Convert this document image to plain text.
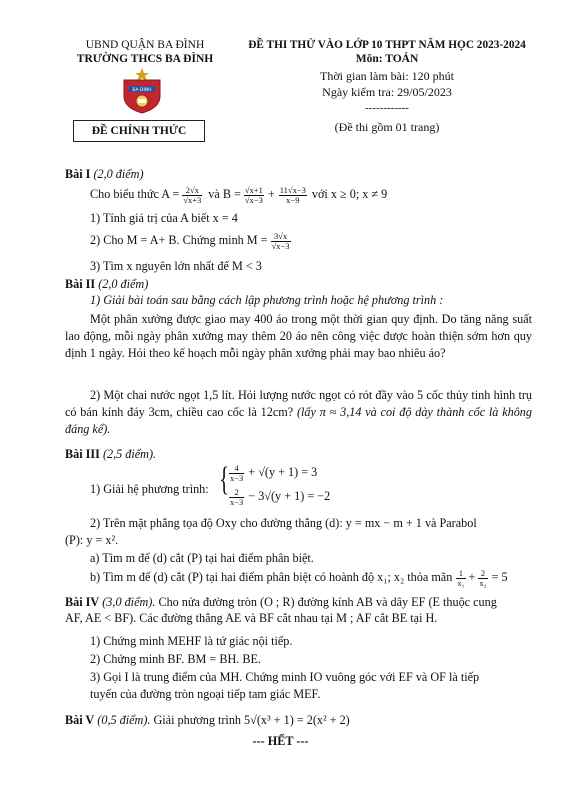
UBND QUẬN BA ĐÌNH
TRƯỜNG THCS BA ĐÌNH
BA ĐÌNH
ĐỀ CHÍNH THỨC
ĐỀ THI THỬ VÀO LỚP 10 THPT NĂM HỌC 2023-2024
Môn: TOÁN
Thời gian làm bài: 120 phút
Ngày kiểm tra: 29/05/2023
------------
(Đề thi gồm 01 trang)
Bài I (2,0 điểm)
Cho biểu thức $A = \frac{2√x}{√x+3}$ và $B = \frac{√x+1}{√x-3} + \frac{11√x-3}{x-9}$ với x ≥ 0; x ≠ 9
1) Tính giá trị của A biết x = 4
2) Cho M = A+ B. Chứng minh $M = \frac{3√x}{√x-3}$
3) Tìm x nguyên lớn nhất để M < 3
Bài II (2,0 điểm)
1) Giải bài toán sau bằng cách lập phương trình hoặc hệ phương trình :
Một phân xưởng được giao may 400 áo trong một thời gian quy định. Do tăng năng suất lao động, mỗi ngày phân xưởng may thêm 20 áo nên công việc được hoàn thiện sớm hơn quy định 1 ngày. Hỏi theo kế hoạch mỗi ngày phân xưởng phải may bao nhiêu áo?
2) Một chai nước ngọt 1,5 lít. Hỏi lượng nước ngọt có rót đầy vào 5 cốc thủy tinh hình trụ có bán kính đáy 3cm, chiều cao cốc là 12cm? (lấy π ≈ 3,14 và coi độ dày thành cốc là không đáng kể).
Bài III (2,5 điểm).
1) Giải hệ phương trình: { $\frac{4}{x-3} + √(y + 1) = 3$
$\frac{2}{x-3} - 3√(y + 1) = -2$
2) Trên mặt phẳng tọa độ Oxy cho đường thẳng (d): y = mx − m + 1 và Parabol
(P): y = x².
a) Tìm m để (d) cắt (P) tại hai điểm phân biệt.
b) Tìm m để (d) cắt (P) tại hai điểm phân biệt có hoành độ x₁; x₂ thỏa mãn $\frac{1}{\text{x₁}} + \frac{2}{\text{x₂}} = 5$
Bài IV (3,0 điểm). Cho nửa đường tròn (O ; R) đường kính AB và dây EF (E thuộc cung
AF, AE < BF). Các đường thẳng AE và BF cắt nhau tại M ; AF cắt BE tại H.
1) Chứng minh MEHF là tứ giác nội tiếp.
2) Chứng minh BF. BM = BH. BE.
3) Gọi I là trung điểm của MH. Chứng minh IO vuông góc với EF và OF là tiếp
tuyến của đường tròn ngoại tiếp tam giác MEF.
Bài V (0,5 điểm). Giải phương trình 5√(x³ + 1) = 2(x² + 2)
--- HẾT ---
